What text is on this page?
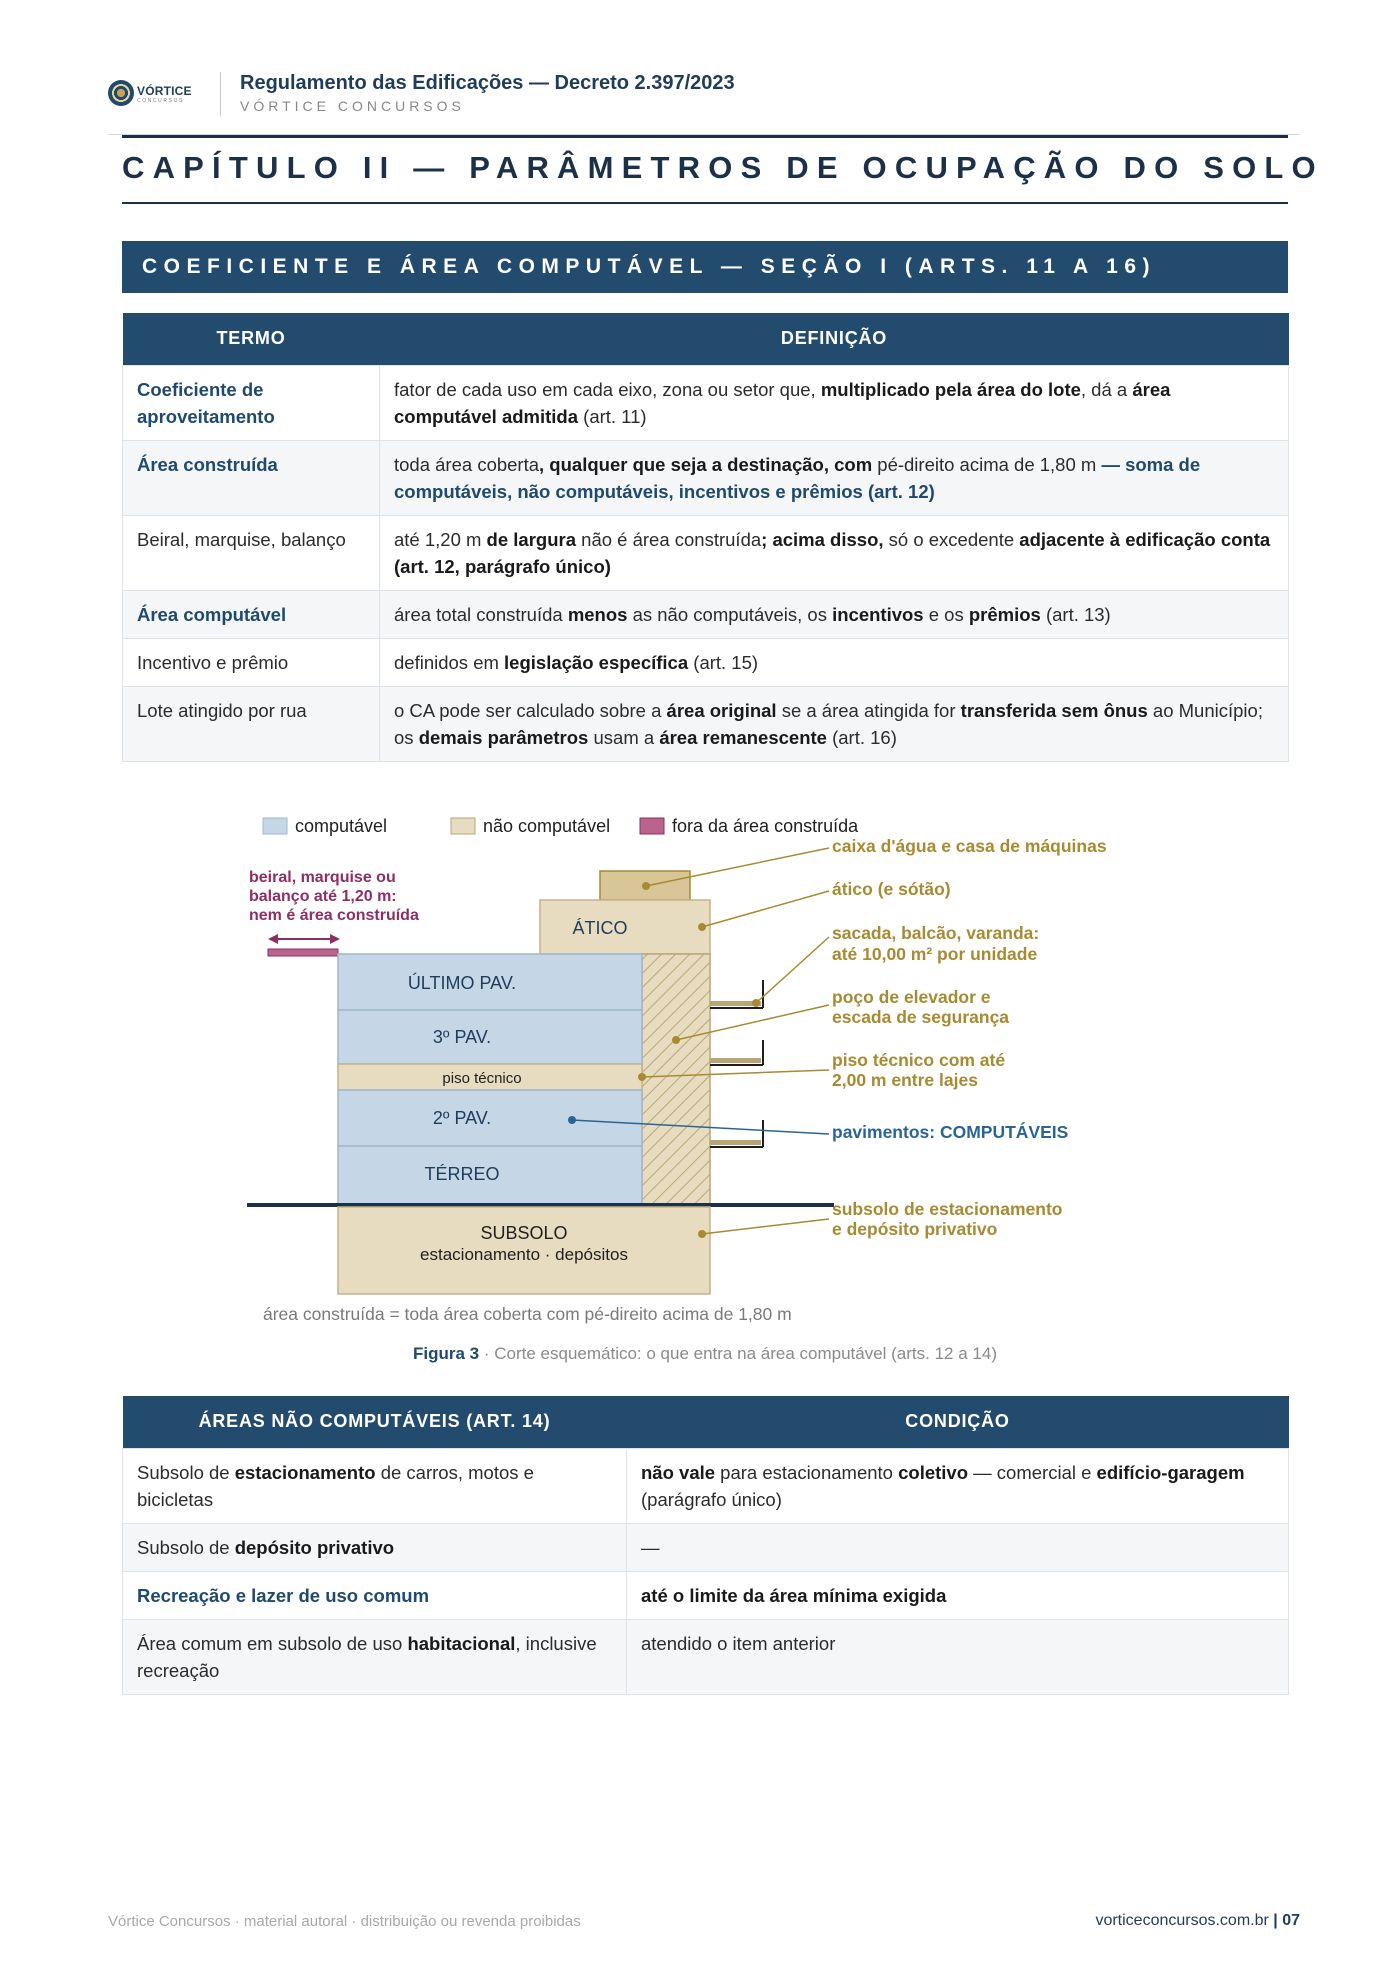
VÓRTICE
CONCURSOS
Regulamento das Edificações — Decreto 2.397/2023
VÓRTICE CONCURSOS
CAPÍTULO II — PARÂMETROS DE OCUPAÇÃO DO SOLO
COEFICIENTE E ÁREA COMPUTÁVEL — SEÇÃO I (ARTS. 11 A 16)
TERMO	DEFINIÇÃO
Coeficiente de aproveitamento	fator de cada uso em cada eixo, zona ou setor que, multiplicado pela área do lote, dá a área computável admitida (art. 11)
Área construída	toda área coberta, qualquer que seja a destinação, com pé-direito acima de 1,80 m — soma de computáveis, não computáveis, incentivos e prêmios (art. 12)
Beiral, marquise, balanço	até 1,20 m de largura não é área construída; acima disso, só o excedente adjacente à edificação conta (art. 12, parágrafo único)
Área computável	área total construída menos as não computáveis, os incentivos e os prêmios (art. 13)
Incentivo e prêmio	definidos em legislação específica (art. 15)
Lote atingido por rua	o CA pode ser calculado sobre a área original se a área atingida for transferida sem ônus ao Município; os demais parâmetros usam a área remanescente (art. 16)
computável	não computável	fora da área construída
beiral, marquise ou
balanço até 1,20 m:
nem é área construída
ÁTICO
ÚLTIMO PAV.
3º PAV.
piso técnico
2º PAV.
TÉRREO
SUBSOLO
estacionamento · depósitos
caixa d'água e casa de máquinas
ático (e sótão)
sacada, balcão, varanda:
até 10,00 m² por unidade
poço de elevador e
escada de segurança
piso técnico com até
2,00 m entre lajes
subsolo de estacionamento
e depósito privativo
pavimentos: COMPUTÁVEIS
área construída = toda área coberta com pé-direito acima de 1,80 m
Figura 3 · Corte esquemático: o que entra na área computável (arts. 12 a 14)
ÁREAS NÃO COMPUTÁVEIS (ART. 14)	CONDIÇÃO
Subsolo de estacionamento de carros, motos e bicicletas	não vale para estacionamento coletivo — comercial e edifício-garagem (parágrafo único)
Subsolo de depósito privativo	—
Recreação e lazer de uso comum	até o limite da área mínima exigida
Área comum em subsolo de uso habitacional, inclusive recreação	atendido o item anterior
Vórtice Concursos · material autoral · distribuição ou revenda proibidas	vorticeconcursos.com.br | 07
